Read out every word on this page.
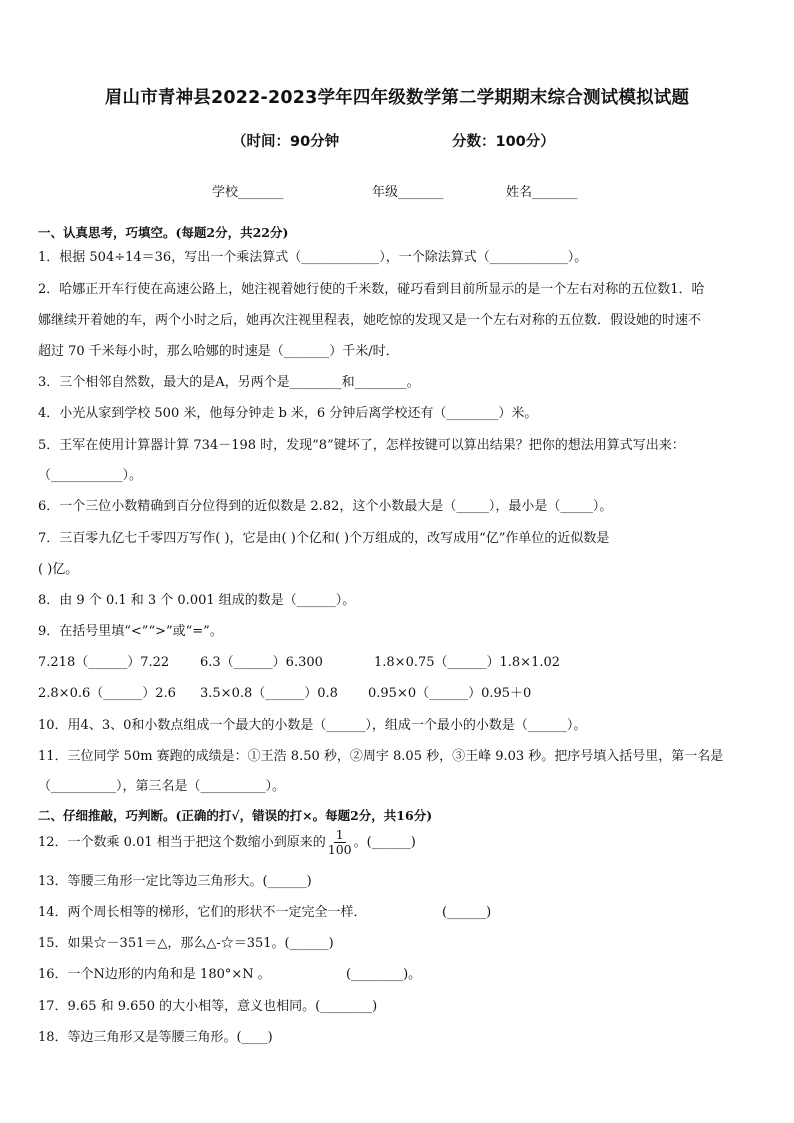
眉山市青神县2022-2023学年四年级数学第二学期期末综合测试模拟试题
（时间：90分钟	分数：100分）
学校_______	年级_______	姓名_______
一、认真思考，巧填空。(每题2分，共22分)
1．根据 504÷14＝36，写出一个乘法算式（____________），一个除法算式（____________）。
2．哈娜正开车行使在高速公路上，她注视着她行使的千米数，碰巧看到目前所显示的是一个左右对称的五位数1．哈
娜继续开着她的车，两个小时之后，她再次注视里程表，她吃惊的发现又是一个左右对称的五位数．假设她的时速不
超过 70 千米每小时，那么哈娜的时速是（_______）千米/时．
3．三个相邻自然数，最大的是A，另两个是________和________。
4．小光从家到学校 500 米，他每分钟走 b 米，6 分钟后离学校还有（________）米。
5．王军在使用计算器计算 734－198 时，发现“8”键坏了，怎样按键可以算出结果？把你的想法用算式写出来：
（___________）。
6．一个三位小数精确到百分位得到的近似数是 2.82，这个小数最大是（_____），最小是（_____）。
7．三百零九亿七千零四万写作( )，它是由( )个亿和( )个万组成的，改写成用“亿”作单位的近似数是
( )亿。
8．由 9 个 0.1 和 3 个 0.001 组成的数是（______）。
9．在括号里填“<”“>”或“=”。
7.218（______）7.22 6.3（______）6.300	1.8×0.75（______）1.8×1.02
2.8×0.6（______）2.6 3.5×0.8（______）0.8 0.95×0（______）0.95＋0
10．用4、3、0和小数点组成一个最大的小数是（______），组成一个最小的小数是（______）。
11．三位同学 50m 赛跑的成绩是：①王浩 8.50 秒，②周宇 8.05 秒，③王峰 9.03 秒。把序号填入括号里，第一名是
（__________），第三名是（__________）。
二、仔细推敲，巧判断。(正确的打√，错误的打×。每题2分，共16分)
12．一个数乘 0.01 相当于把这个数缩小到原来的 $\frac{1}{100}$ 。(______)
13．等腰三角形一定比等边三角形大。(______)
14．两个周长相等的梯形，它们的形状不一定完全一样．	(______)
15．如果☆－351＝△，那么△-☆＝351。(______)
16．一个N边形的内角和是 180°×N 。	(________)。
17．9.65 和 9.650 的大小相等，意义也相同。(________)
18．等边三角形又是等腰三角形。(____)
